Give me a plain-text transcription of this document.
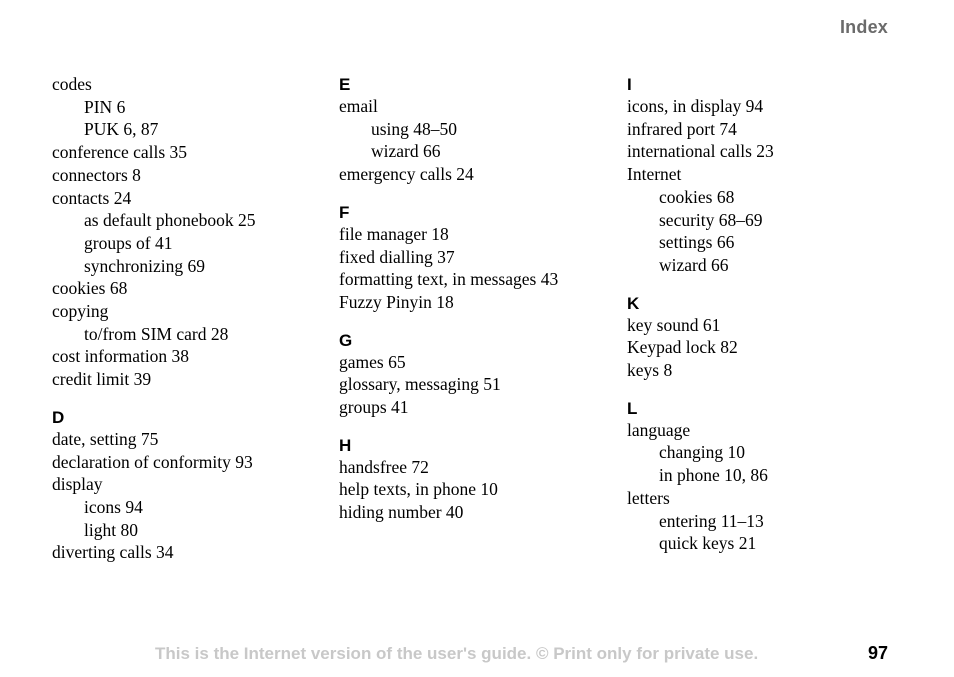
Index
codes
PIN 6
PUK 6, 87
conference calls 35
connectors 8
contacts 24
as default phonebook 25
groups of 41
synchronizing 69
cookies 68
copying
to/from SIM card 28
cost information 38
credit limit 39
D
date, setting 75
declaration of conformity 93
display
icons 94
light 80
diverting calls 34
E
email
using 48–50
wizard 66
emergency calls 24
F
file manager 18
fixed dialling 37
formatting text, in messages 43
Fuzzy Pinyin 18
G
games 65
glossary, messaging 51
groups 41
H
handsfree 72
help texts, in phone 10
hiding number 40
I
icons, in display 94
infrared port 74
international calls 23
Internet
cookies 68
security 68–69
settings 66
wizard 66
K
key sound 61
Keypad lock 82
keys 8
L
language
changing 10
in phone 10, 86
letters
entering 11–13
quick keys 21
This is the Internet version of the user's guide. © Print only for private use.	97
